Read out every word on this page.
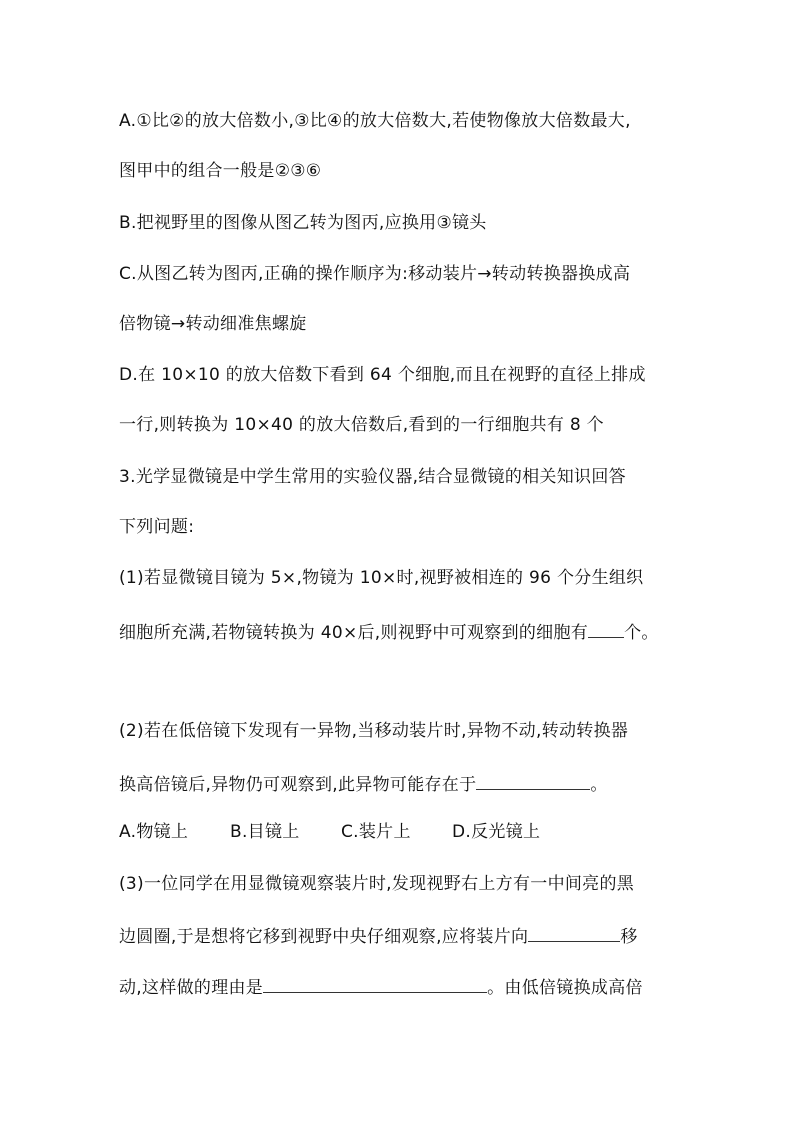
A.①比②的放大倍数小,③比④的放大倍数大,若使物像放大倍数最大,
图甲中的组合一般是②③⑥
B.把视野里的图像从图乙转为图丙,应换用③镜头
C.从图乙转为图丙,正确的操作顺序为:移动装片→转动转换器换成高
倍物镜→转动细准焦螺旋
D.在 10×10 的放大倍数下看到 64 个细胞,而且在视野的直径上排成
一行,则转换为 10×40 的放大倍数后,看到的一行细胞共有 8 个
3.光学显微镜是中学生常用的实验仪器,结合显微镜的相关知识回答
下列问题:
(1)若显微镜目镜为 5×,物镜为 10×时,视野被相连的 96 个分生组织
细胞所充满,若物镜转换为 40×后,则视野中可观察到的细胞有 个。
(2)若在低倍镜下发现有一异物,当移动装片时,异物不动,转动转换器
换高倍镜后,异物仍可观察到,此异物可能存在于	。
A.物镜上 B.目镜上 C.装片上 D.反光镜上
(3)一位同学在用显微镜观察装片时,发现视野右上方有一中间亮的黑
边圆圈,于是想将它移到视野中央仔细观察,应将装片向	移
动,这样做的理由是	。由低倍镜换成高倍
